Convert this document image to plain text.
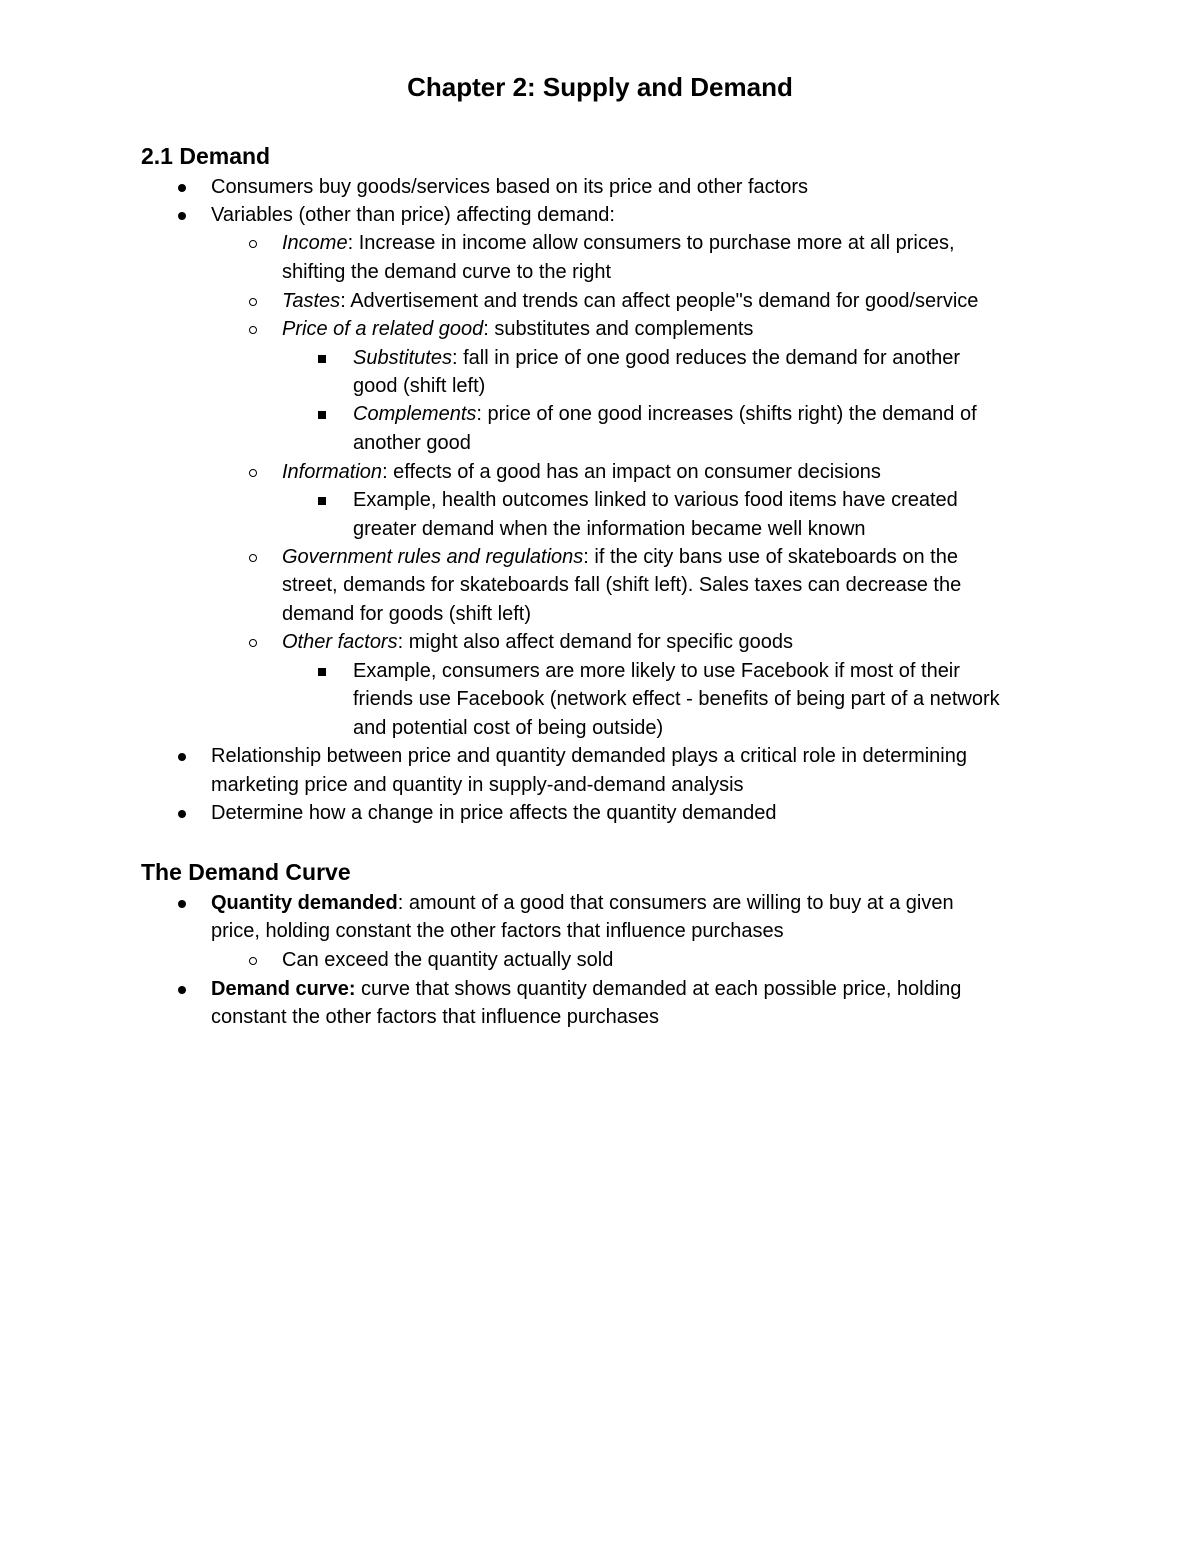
Chapter 2: Supply and Demand
2.1 Demand
Consumers buy goods/services based on its price and other factors
Variables (other than price) affecting demand:
Income: Increase in income allow consumers to purchase more at all prices,
shifting the demand curve to the right
Tastes: Advertisement and trends can affect people"s demand for good/service
Price of a related good: substitutes and complements
Substitutes: fall in price of one good reduces the demand for another
good (shift left)
Complements: price of one good increases (shifts right) the demand of
another good
Information: effects of a good has an impact on consumer decisions
Example, health outcomes linked to various food items have created
greater demand when the information became well known
Government rules and regulations: if the city bans use of skateboards on the
street, demands for skateboards fall (shift left). Sales taxes can decrease the
demand for goods (shift left)
Other factors: might also affect demand for specific goods
Example, consumers are more likely to use Facebook if most of their
friends use Facebook (network effect - benefits of being part of a network
and potential cost of being outside)
Relationship between price and quantity demanded plays a critical role in determining
marketing price and quantity in supply-and-demand analysis
Determine how a change in price affects the quantity demanded
The Demand Curve
Quantity demanded: amount of a good that consumers are willing to buy at a given
price, holding constant the other factors that influence purchases
Can exceed the quantity actually sold
Demand curve: curve that shows quantity demanded at each possible price, holding
constant the other factors that influence purchases
